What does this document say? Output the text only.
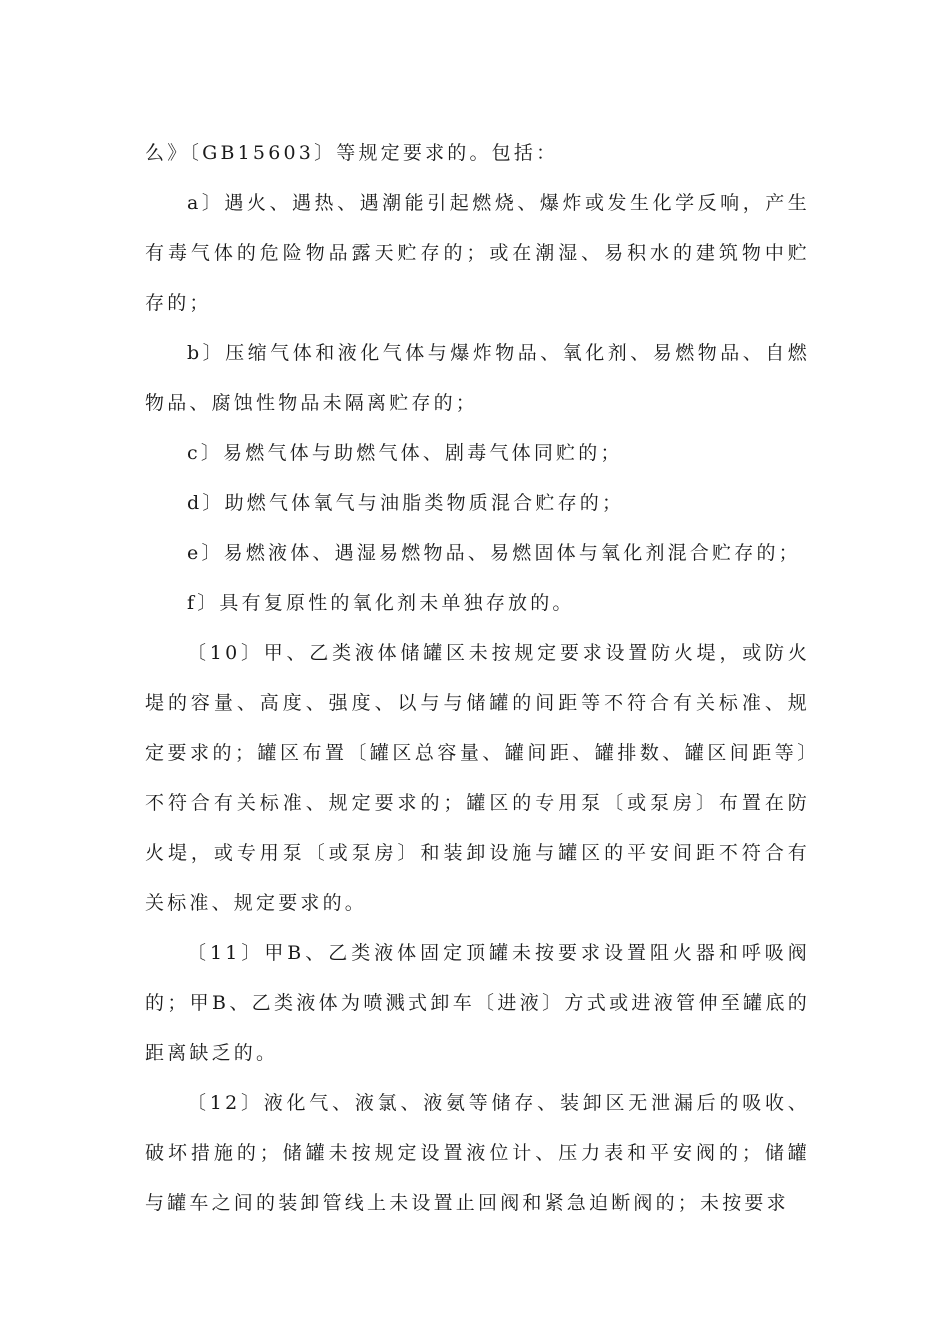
么》〔GB15603〕等规定要求的。包括：

a〕遇火、遇热、遇潮能引起燃烧、爆炸或发生化学反响，产生有毒气体的危险物品露天贮存的；或在潮湿、易积水的建筑物中贮存的；

b〕压缩气体和液化气体与爆炸物品、氧化剂、易燃物品、自燃物品、腐蚀性物品未隔离贮存的；

c〕易燃气体与助燃气体、剧毒气体同贮的；

d〕助燃气体氧气与油脂类物质混合贮存的；

e〕易燃液体、遇湿易燃物品、易燃固体与氧化剂混合贮存的；

f〕具有复原性的氧化剂未单独存放的。

〔10〕甲、乙类液体储罐区未按规定要求设置防火堤，或防火堤的容量、高度、强度、以与与储罐的间距等不符合有关标准、规定要求的；罐区布置〔罐区总容量、罐间距、罐排数、罐区间距等〕不符合有关标准、规定要求的；罐区的专用泵〔或泵房〕布置在防火堤，或专用泵〔或泵房〕和装卸设施与罐区的平安间距不符合有关标准、规定要求的。

〔11〕甲B、乙类液体固定顶罐未按要求设置阻火器和呼吸阀的；甲B、乙类液体为喷溅式卸车〔进液〕方式或进液管伸至罐底的距离缺乏的。

〔12〕液化气、液氯、液氨等储存、装卸区无泄漏后的吸收、破坏措施的；储罐未按规定设置液位计、压力表和平安阀的；储罐与罐车之间的装卸管线上未设置止回阀和紧急迫断阀的；未按要求
